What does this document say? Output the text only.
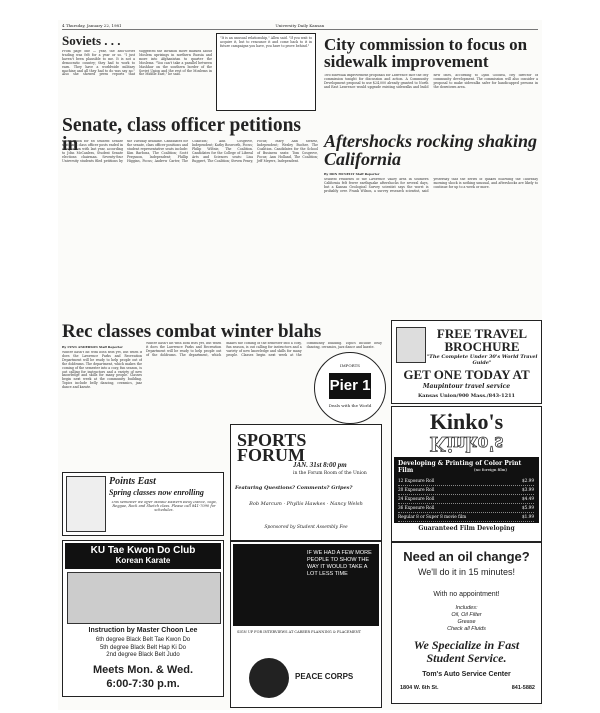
4 Thursday, January 22, 1981	University Daily Kansan
Soviets . . .
From page one — year, the anti-Soviet trading was felt for a year or so. "I just haven't been plausible to me. It is not a democratic country; they had to work to earn. They have a worldwide military machine and all they had to do was say no." Also she showed press reports that suggested the invasion move marked about Moslem uprisings in northern Russia and more into Afghanistan to quarter the Moslems. "You can't take a parallel between Mashhur on the southern border of the Soviet Union and the rest of the Moslems in the Middle East," he said.
"It is an unusual relationship," Allen said. "If you wait to acquire it, but to renounce it and come back to it in future campaigns you have, you have to prove behind." City commission to focus on sidewalk improvement
Two sidewalk improvement proposals for Lawrence face the city commission tonight for discussion and action. A Community Development proposal to use $24,000 already granted to North and East Lawrence would upgrade existing sidewalks and build new ones, according to Lynn Goodell, city director of community development. The commission will also consider a proposal to make sidewalks safer for handicapped persons in the downtown area.
Senate, class officer petitions in
Competition for 68 Student Senate seats and class officer posts ended in comparison with last year, according to John McCanless, Student Senate elections chairman. Seventy-four University students filed petitions by the Tuesday deadline. Candidates for the senate, class officer positions and student representative seats include: Kim Barbosa, The Coalition; Scott Ferguson, Independent; Phillip Higgins, Focus; Andrew Carter, The Coalition; Ann Cosgrove, Independent; Kathy Bosworth, Focus; Philip Wiltsie, The Coalition. Candidates for the College of Liberal Arts and Sciences seats: Lisa Ruppert, The Coalition; Steven Penry, Focus; Mary Ann Swartz, Independent; Wesley Bucher, The Coalition. Candidates for the School of Business seats: Tom Cosgrove, Focus; Ann Holland, The Coalition; Jeff Meyers, Independent.
Aftershocks rocking shaking California
By DON MCNEILY Staff Reporter
Student residents of the Lawrence Valley area in southern California felt fewer earthquake aftershocks for several days, but a Kansas Geological Survey scientist says the worst is probably over. Frank Wilson, a survey research scientist, said yesterday that the series of quakes following the Thursday morning shock is nothing unusual, and aftershocks are likely to continue for up to a week or more.
FREE TRAVEL BROCHURE
"The Complete Under 30's World Travel Guide"
GET ONE TODAY AT
Maupintour travel service
Kansas Union/900 Mass./843-1211
Rec classes combat winter blahs
By LYNN ANDERSON Staff Reporter
Winter hasn't hit with both fists yet, but when it does the Lawrence Parks and Recreation Department will be ready to help people out of the doldrums. The department, which makes the coming of the semester into a cozy, fun season, is out calling for instructors and a variety of new knowledge and skills for many people. Classes begin next week at the community building. Topics include belly dancing, ceramics, jazz dance and karate.
Winter hasn't hit with both fists yet, but when it does the Lawrence Parks and Recreation Department will be ready to help people out of the doldrums. The department, which makes the coming of the semester into a cozy, fun season, is out calling for instructors and a variety of new knowledge and skills for many people. Classes begin next week at the community building. Topics include belly dancing, ceramics, jazz dance and karate.
IMPORTS
Pier 1
Deals with the World
Kinko's
Kinko's
Developing & Printing of Color Print Film	(no foreign film)
12 Exposure Roll	$2.99
20 Exposure Roll	$3.99
24 Exposure Roll	$4.49
36 Exposure Roll	$5.99
Regular 8 or Super 8 movie film	$1.99
Guaranteed Film Developing
Points East
Spring classes now enrolling
This semester we offer Middle Eastern Belly Dance, Yoga, Reggae, Rock and Sketch class. Please call 841-7090 for schedules.
SPORTS FORUM
JAN. 31st 8:00 pm
in the Forum Room of the Union
Featuring Questions? Comments? Gripes?
Bob Marcum · Phyllis Hawkes · Nancy Welsh
Sponsored by Student Assembly Fee
KU Tae Kwon Do Club
Korean Karate
Instruction by Master Choon Lee
6th degree Black Belt Tae Kwon Do
5th degree Black Belt Hap Ki Do
2nd degree Black Belt Judo
Meets Mon. & Wed.
6:00-7:30 p.m.
IF WE HAD A FEW MORE PEOPLE TO SHOW THE WAY IT WOULD TAKE A LOT LESS TIME
SIGN UP FOR INTERVIEWS AT CAREER PLANNING & PLACEMENT
PEACE CORPS
Need an oil change?
We'll do it in 15 minutes!
With no appointment!
Includes:
Oil, Oil Filter
Grease
Check all Fluids
We Specialize in Fast Student Service.
Tom's Auto Service Center
1804 W. 6th St.	841-5882
